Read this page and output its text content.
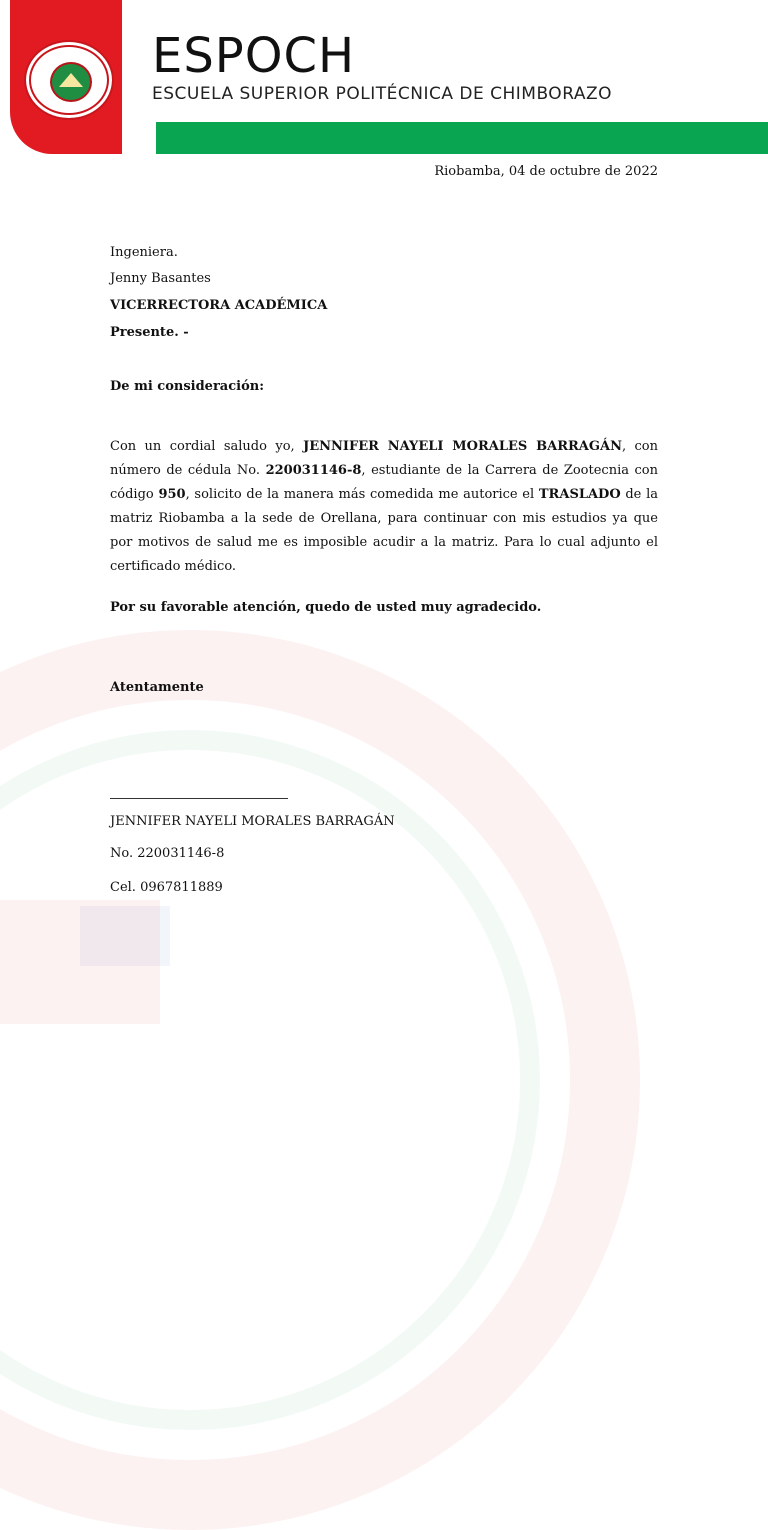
ESPOCH
ESCUELA SUPERIOR POLITÉCNICA DE CHIMBORAZO
Riobamba, 04 de octubre de 2022
Ingeniera.
Jenny Basantes
VICERRECTORA ACADÉMICA
Presente. -
De mi consideración:
Con un cordial saludo yo, JENNIFER NAYELI MORALES BARRAGÁN, con número de cédula No. 220031146-8, estudiante de la Carrera de Zootecnia con código 950, solicito de la manera más comedida me autorice el TRASLADO de la matriz Riobamba a la sede de Orellana, para continuar con mis estudios ya que por motivos de salud me es imposible acudir a la matriz. Para lo cual adjunto el certificado médico.
Por su favorable atención, quedo de usted muy agradecido.
Atentamente
JENNIFER NAYELI MORALES BARRAGÁN
No. 220031146-8
Cel. 0967811889
